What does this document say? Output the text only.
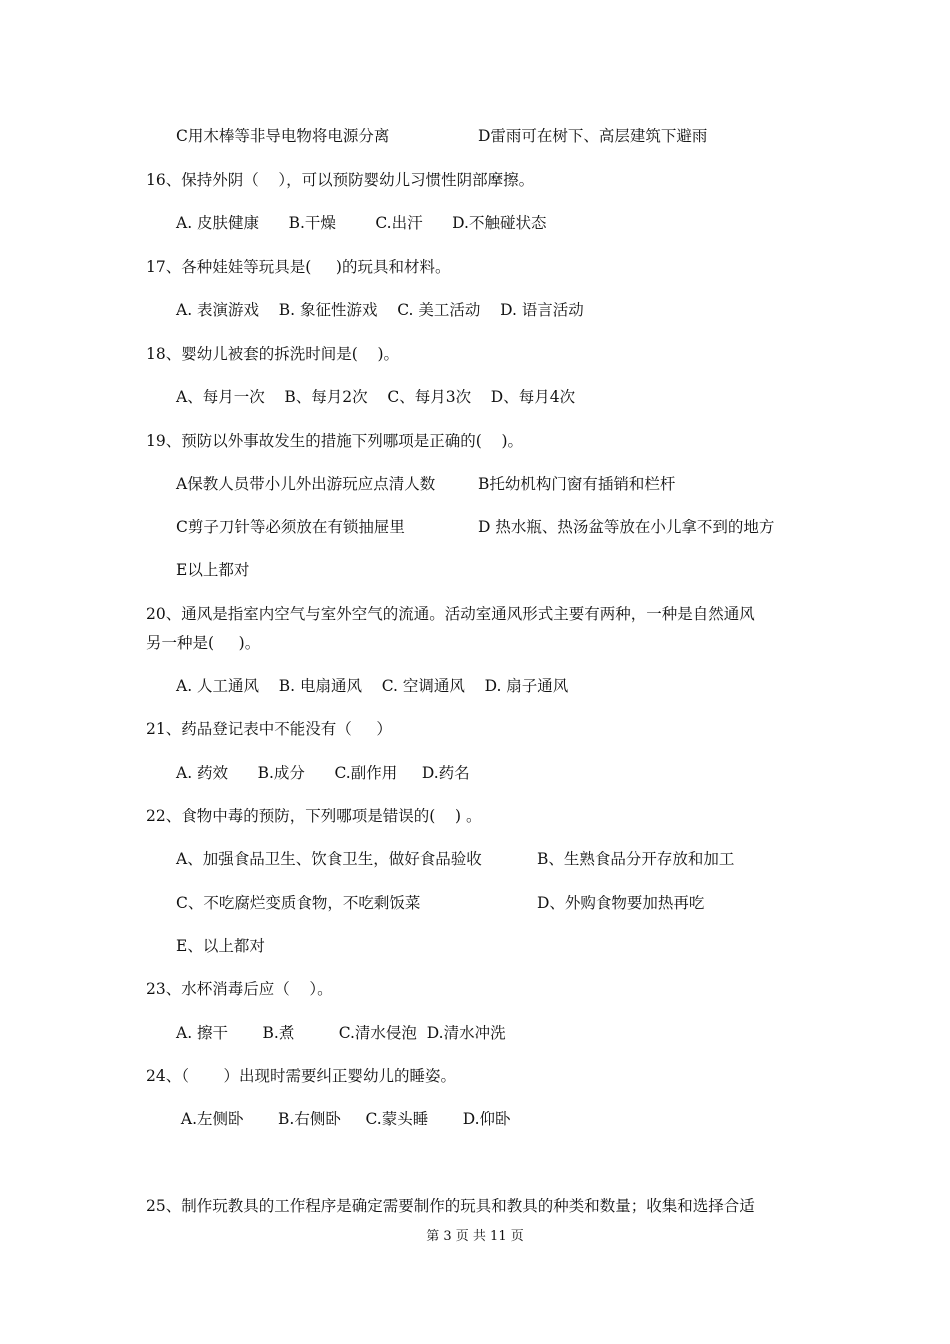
C用木棒等非导电物将电源分离	D雷雨可在树下、高层建筑下避雨
16、保持外阴（    ），可以预防婴幼儿习惯性阴部摩擦。
A. 皮肤健康      B.干燥        C.出汗      D.不触碰状态
17、各种娃娃等玩具是(     )的玩具和材料。
A. 表演游戏    B. 象征性游戏    C. 美工活动    D. 语言活动
18、婴幼儿被套的拆洗时间是(    )。
A、每月一次    B、每月2次    C、每月3次    D、每月4次
19、预防以外事故发生的措施下列哪项是正确的(    )。
A保教人员带小儿外出游玩应点清人数	B托幼机构门窗有插销和栏杆
C剪子刀针等必须放在有锁抽屉里	D 热水瓶、热汤盆等放在小儿拿不到的地方
E以上都对
20、通风是指室内空气与室外空气的流通。活动室通风形式主要有两种，一种是自然通风
另一种是(     )。
A. 人工通风    B. 电扇通风    C. 空调通风    D. 扇子通风
21、药品登记表中不能没有（     ）
A. 药效      B.成分      C.副作用     D.药名
22、食物中毒的预防，下列哪项是错误的(    ) 。
A、加强食品卫生、饮食卫生，做好食品验收	B、生熟食品分开存放和加工
C、不吃腐烂变质食物，不吃剩饭菜	D、外购食物要加热再吃
E、以上都对
23、水杯消毒后应（    ）。
A. 擦干       B.煮         C.清水侵泡  D.清水冲洗
24、（       ）出现时需要纠正婴幼儿的睡姿。
A.左侧卧       B.右侧卧     C.蒙头睡       D.仰卧
25、制作玩教具的工作程序是确定需要制作的玩具和教具的种类和数量；收集和选择合适
第 3 页 共 11 页
